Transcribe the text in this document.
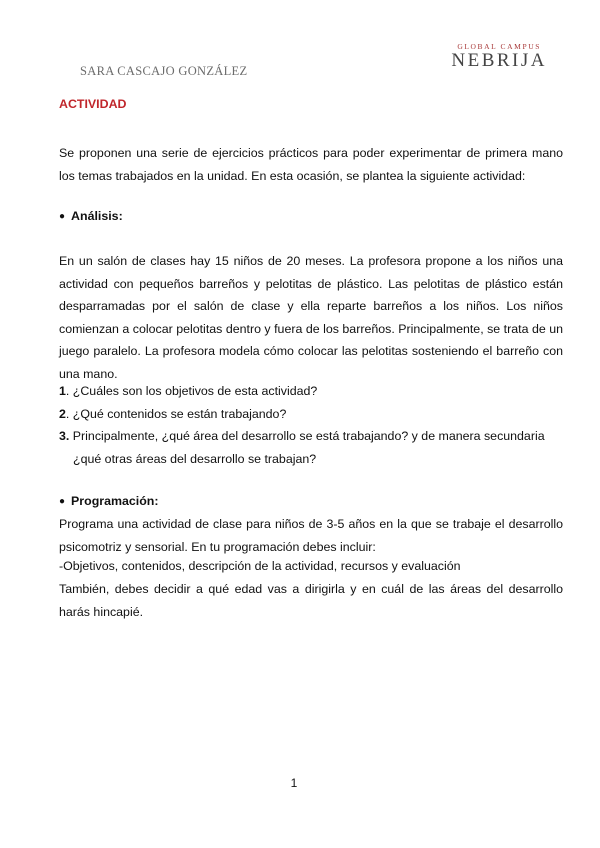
SARA CASCAJO GONZÁLEZ
GLOBAL CAMPUS
NEBRIJA
ACTIVIDAD
Se proponen una serie de ejercicios prácticos para poder experimentar de primera mano los temas trabajados en la unidad. En esta ocasión, se plantea la siguiente actividad:
● Análisis:
En un salón de clases hay 15 niños de 20 meses. La profesora propone a los niños una actividad con pequeños barreños y pelotitas de plástico. Las pelotitas de plástico están desparramadas por el salón de clase y ella reparte barreños a los niños. Los niños comienzan a colocar pelotitas dentro y fuera de los barreños. Principalmente, se trata de un juego paralelo. La profesora modela cómo colocar las pelotitas sosteniendo el barreño con una mano.
1. ¿Cuáles son los objetivos de esta actividad?
2. ¿Qué contenidos se están trabajando?
3. Principalmente, ¿qué área del desarrollo se está trabajando? y de manera secundaria ¿qué otras áreas del desarrollo se trabajan?
● Programación:
Programa una actividad de clase para niños de 3-5 años en la que se trabaje el desarrollo psicomotriz y sensorial. En tu programación debes incluir:
-Objetivos, contenidos, descripción de la actividad, recursos y evaluación
También, debes decidir a qué edad vas a dirigirla y en cuál de las áreas del desarrollo harás hincapié.
1
